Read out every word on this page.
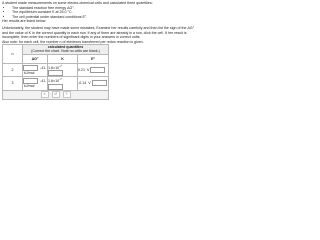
A student made measurements on some electro-chemical cells and calculated three quantities:

• The standard reaction free energy ΔG°.
• The equilibrium constant K at 25.0 °C.
• The cell potential under standard conditions E°.

Her results are listed below.

Unfortunately, the student may have made some mistakes. Examine her results carefully and then list the sign of the ΔG° and the value of K in the correct quantity in each row. If any of them are already in a row, click the cell. If her result is incomplete, then enter the numbers of significant digits in your answers in correct units.

Also note: for each cell, the number n of electrons transferred per redox reaction is given.

n	calculated quantities
(Correct the chart. Note no cells are blank.)		
	ΔG°	K	E°
2	-41. kJ/mol	$1.6\times 10^{-7}$	0.21 V
3	-41. kJ/mol	$1.6\times 10^{-7}$	-0.14 V
× ↺ ?			
